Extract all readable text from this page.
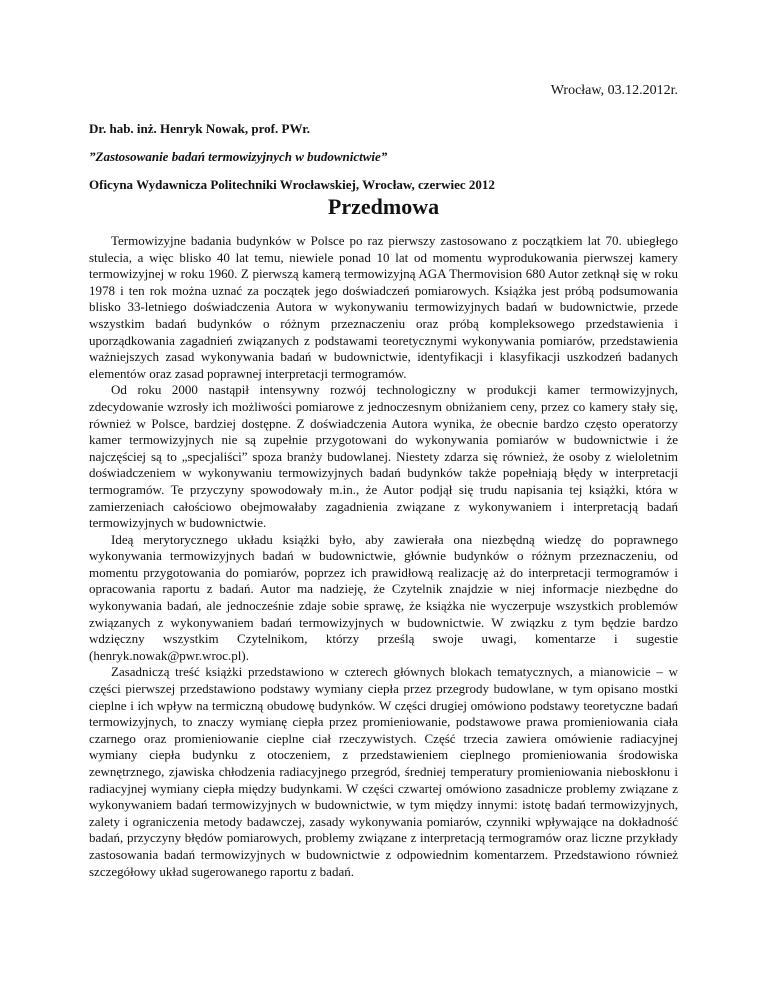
Wrocław, 03.12.2012r.
Dr. hab. inż. Henryk Nowak, prof. PWr.
”Zastosowanie badań termowizyjnych w budownictwie”
Oficyna Wydawnicza Politechniki Wrocławskiej, Wrocław, czerwiec 2012
Przedmowa

Termowizyjne badania budynków w Polsce po raz pierwszy zastosowano z początkiem lat 70. ubiegłego stulecia, a więc blisko 40 lat temu, niewiele ponad 10 lat od momentu wyprodukowania pierwszej kamery termowizyjnej w roku 1960. Z pierwszą kamerą termowizyjną AGA Thermovision 680 Autor zetknął się w roku 1978 i ten rok można uznać za początek jego doświadczeń pomiarowych. Książka jest próbą podsumowania blisko 33-letniego doświadczenia Autora w wykonywaniu termowizyjnych badań w budownictwie, przede wszystkim badań budynków o różnym przeznaczeniu oraz próbą kompleksowego przedstawienia i uporządkowania zagadnień związanych z podstawami teoretycznymi wykonywania pomiarów, przedstawienia ważniejszych zasad wykonywania badań w budownictwie, identyfikacji i klasyfikacji uszkodzeń badanych elementów oraz zasad poprawnej interpretacji termogramów.

Od roku 2000 nastąpił intensywny rozwój technologiczny w produkcji kamer termowizyjnych, zdecydowanie wzrosły ich możliwości pomiarowe z jednoczesnym obniżaniem ceny, przez co kamery stały się, również w Polsce, bardziej dostępne. Z doświadczenia Autora wynika, że obecnie bardzo często operatorzy kamer termowizyjnych nie są zupełnie przygotowani do wykonywania pomiarów w budownictwie i że najczęściej są to „specjaliści” spoza branży budowlanej. Niestety zdarza się również, że osoby z wieloletnim doświadczeniem w wykonywaniu termowizyjnych badań budynków także popełniają błędy w interpretacji termogramów. Te przyczyny spowodowały m.in., że Autor podjął się trudu napisania tej książki, która w zamierzeniach całościowo obejmowałaby zagadnienia związane z wykonywaniem i interpretacją badań termowizyjnych w budownictwie.

Ideą merytorycznego układu książki było, aby zawierała ona niezbędną wiedzę do poprawnego wykonywania termowizyjnych badań w budownictwie, głównie budynków o różnym przeznaczeniu, od momentu przygotowania do pomiarów, poprzez ich prawidłową realizację aż do interpretacji termogramów i opracowania raportu z badań. Autor ma nadzieję, że Czytelnik znajdzie w niej informacje niezbędne do wykonywania badań, ale jednocześnie zdaje sobie sprawę, że książka nie wyczerpuje wszystkich problemów związanych z wykonywaniem badań termowizyjnych w budownictwie. W związku z tym będzie bardzo wdzięczny wszystkim Czytelnikom, którzy prześlą swoje uwagi, komentarze i sugestie (henryk.nowak@pwr.wroc.pl).

Zasadniczą treść książki przedstawiono w czterech głównych blokach tematycznych, a mianowicie – w części pierwszej przedstawiono podstawy wymiany ciepła przez przegrody budowlane, w tym opisano mostki cieplne i ich wpływ na termiczną obudowę budynków. W części drugiej omówiono podstawy teoretyczne badań termowizyjnych, to znaczy wymianę ciepła przez promieniowanie, podstawowe prawa promieniowania ciała czarnego oraz promieniowanie cieplne ciał rzeczywistych. Część trzecia zawiera omówienie radiacyjnej wymiany ciepła budynku z otoczeniem, z przedstawieniem cieplnego promieniowania środowiska zewnętrznego, zjawiska chłodzenia radiacyjnego przegród, średniej temperatury promieniowania nieboskłonu i radiacyjnej wymiany ciepła między budynkami. W części czwartej omówiono zasadnicze problemy związane z wykonywaniem badań termowizyjnych w budownictwie, w tym między innymi: istotę badań termowizyjnych, zalety i ograniczenia metody badawczej, zasady wykonywania pomiarów, czynniki wpływające na dokładność badań, przyczyny błędów pomiarowych, problemy związane z interpretacją termogramów oraz liczne przykłady zastosowania badań termowizyjnych w budownictwie z odpowiednim komentarzem. Przedstawiono również szczegółowy układ sugerowanego raportu z badań.
